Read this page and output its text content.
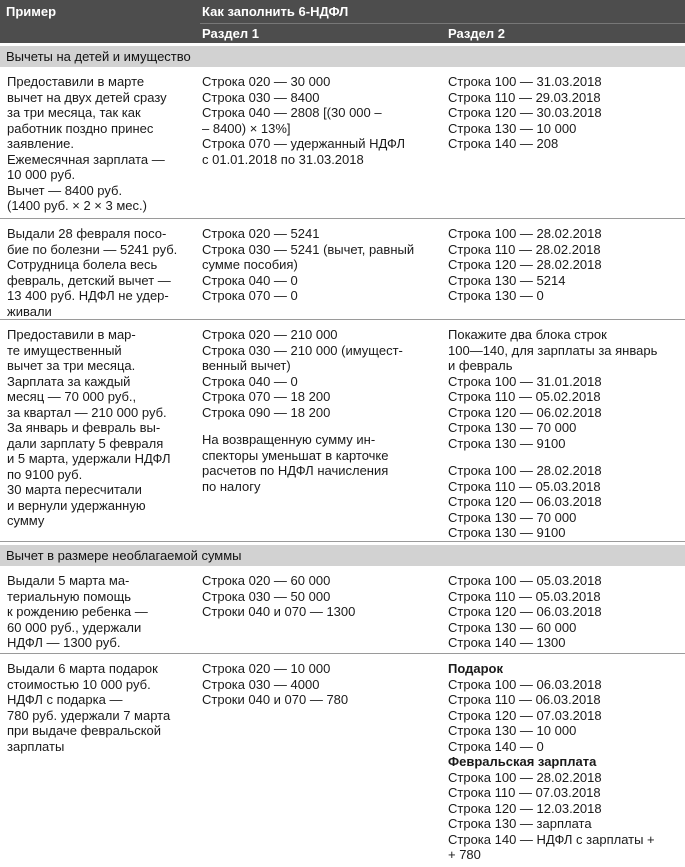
Пример	Как заполнить 6-НДФЛ
Раздел 1	Раздел 2
Вычеты на детей и имущество
Предоставили в марте
вычет на двух детей сразу
за три месяца, так как
работник поздно принес
заявление.
Ежемесячная зарплата —
10 000 руб.
Вычет — 8400 руб.
(1400 руб. × 2 × 3 мес.)
Строка 020 — 30 000
Строка 030 — 8400
Строка 040 — 2808 [(30 000 –
– 8400) × 13%]
Строка 070 — удержанный НДФЛ
с 01.01.2018 по 31.03.2018
Строка 100 — 31.03.2018
Строка 110 — 29.03.2018
Строка 120 — 30.03.2018
Строка 130 — 10 000
Строка 140 — 208
Выдали 28 февраля посо-
бие по болезни — 5241 руб.
Сотрудница болела весь
февраль, детский вычет —
13 400 руб. НДФЛ не удер-
живали
Строка 020 — 5241
Строка 030 — 5241 (вычет, равный
сумме пособия)
Строка 040 — 0
Строка 070 — 0
Строка 100 — 28.02.2018
Строка 110 — 28.02.2018
Строка 120 — 28.02.2018
Строка 130 — 5214
Строка 130 — 0
Предоставили в мар-
те имущественный
вычет за три месяца.
Зарплата за каждый
месяц — 70 000 руб.,
за квартал — 210 000 руб.
За январь и февраль вы-
дали зарплату 5 февраля
и 5 марта, удержали НДФЛ
по 9100 руб.
30 марта пересчитали
и вернули удержанную
сумму
Строка 020 — 210 000
Строка 030 — 210 000 (имущест-
венный вычет)
Строка 040 — 0
Строка 070 — 18 200
Строка 090 — 18 200
На возвращенную сумму ин-
спекторы уменьшат в карточке
расчетов по НДФЛ начисления
по налогу
Покажите два блока строк
100—140, для зарплаты за январь
и февраль
Строка 100 — 31.01.2018
Строка 110 — 05.02.2018
Строка 120 — 06.02.2018
Строка 130 — 70 000
Строка 130 — 9100
Строка 100 — 28.02.2018
Строка 110 — 05.03.2018
Строка 120 — 06.03.2018
Строка 130 — 70 000
Строка 130 — 9100
Вычет в размере необлагаемой суммы
Выдали 5 марта ма-
териальную помощь
к рождению ребенка —
60 000 руб., удержали
НДФЛ — 1300 руб.
Строка 020 — 60 000
Строка 030 — 50 000
Строки 040 и 070 — 1300
Строка 100 — 05.03.2018
Строка 110 — 05.03.2018
Строка 120 — 06.03.2018
Строка 130 — 60 000
Строка 140 — 1300
Выдали 6 марта подарок
стоимостью 10 000 руб.
НДФЛ с подарка —
780 руб. удержали 7 марта
при выдаче февральской
зарплаты
Строка 020 — 10 000
Строка 030 — 4000
Строки 040 и 070 — 780
Подарок
Строка 100 — 06.03.2018
Строка 110 — 06.03.2018
Строка 120 — 07.03.2018
Строка 130 — 10 000
Строка 140 — 0
Февральская зарплата
Строка 100 — 28.02.2018
Строка 110 — 07.03.2018
Строка 120 — 12.03.2018
Строка 130 — зарплата
Строка 140 — НДФЛ с зарплаты +
+ 780
